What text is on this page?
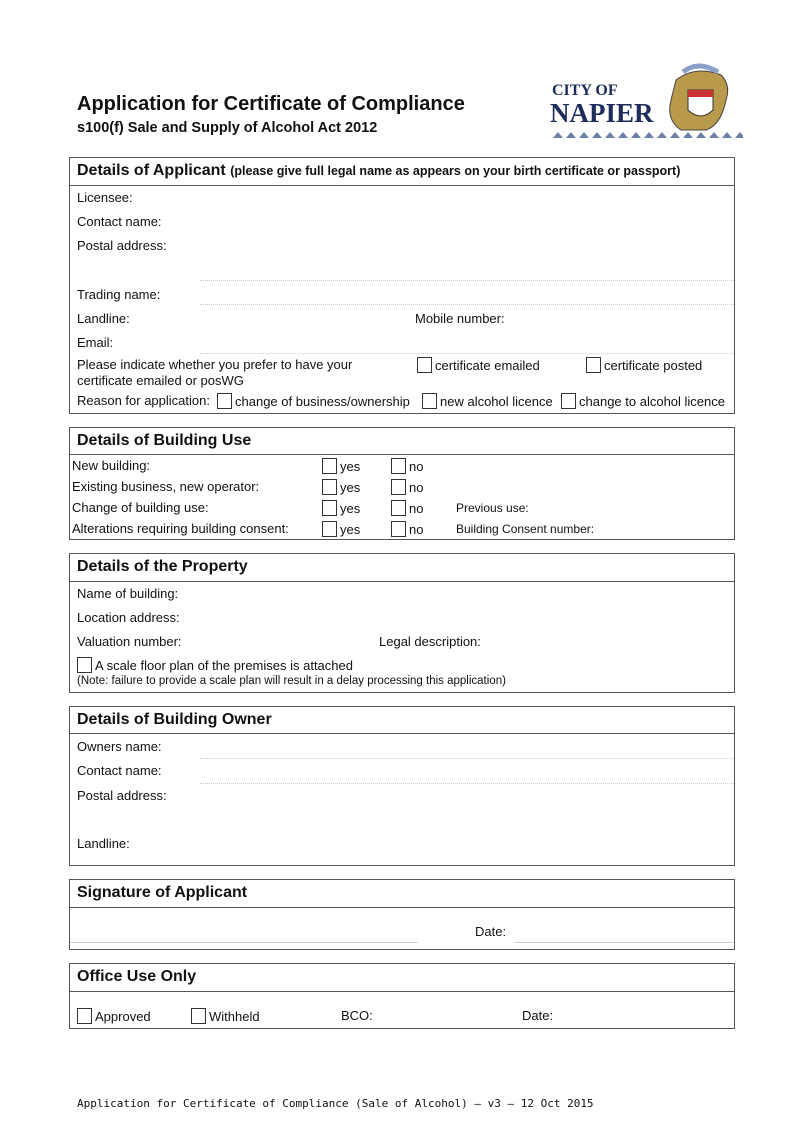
Application for Certificate of Compliance
s100(f) Sale and Supply of Alcohol Act 2012
CITY OF
NAPIER
Details of Applicant (please give full legal name as appears on your birth certificate or passport)
Licensee:
Contact name:
Postal address:
Trading name:
Landline:	Mobile number:
Email:
Please indicate whether you prefer to have your
certificate emailed or posWG
certificate emailed	certificate posted
Reason for application:	change of business/ownership	new alcohol licence	change to alcohol licence
Details of Building Use
New building:	yes	no
Existing business, new operator:	yes	no
Change of building use:	yes	no	Previous use:
Alterations requiring building consent:	yes	no	Building Consent number:
Details of the Property
Name of building:
Location address:
Valuation number:	Legal description:
A scale floor plan of the premises is attached
(Note: failure to provide a scale plan will result in a delay processing this application)
Details of Building Owner
Owners name:
Contact name:
Postal address:
Landline:
Signature of Applicant
Date:
Office Use Only
Approved	Withheld	BCO:	Date:
Application for Certificate of Compliance (Sale of Alcohol) – v3 – 12 Oct 2015
